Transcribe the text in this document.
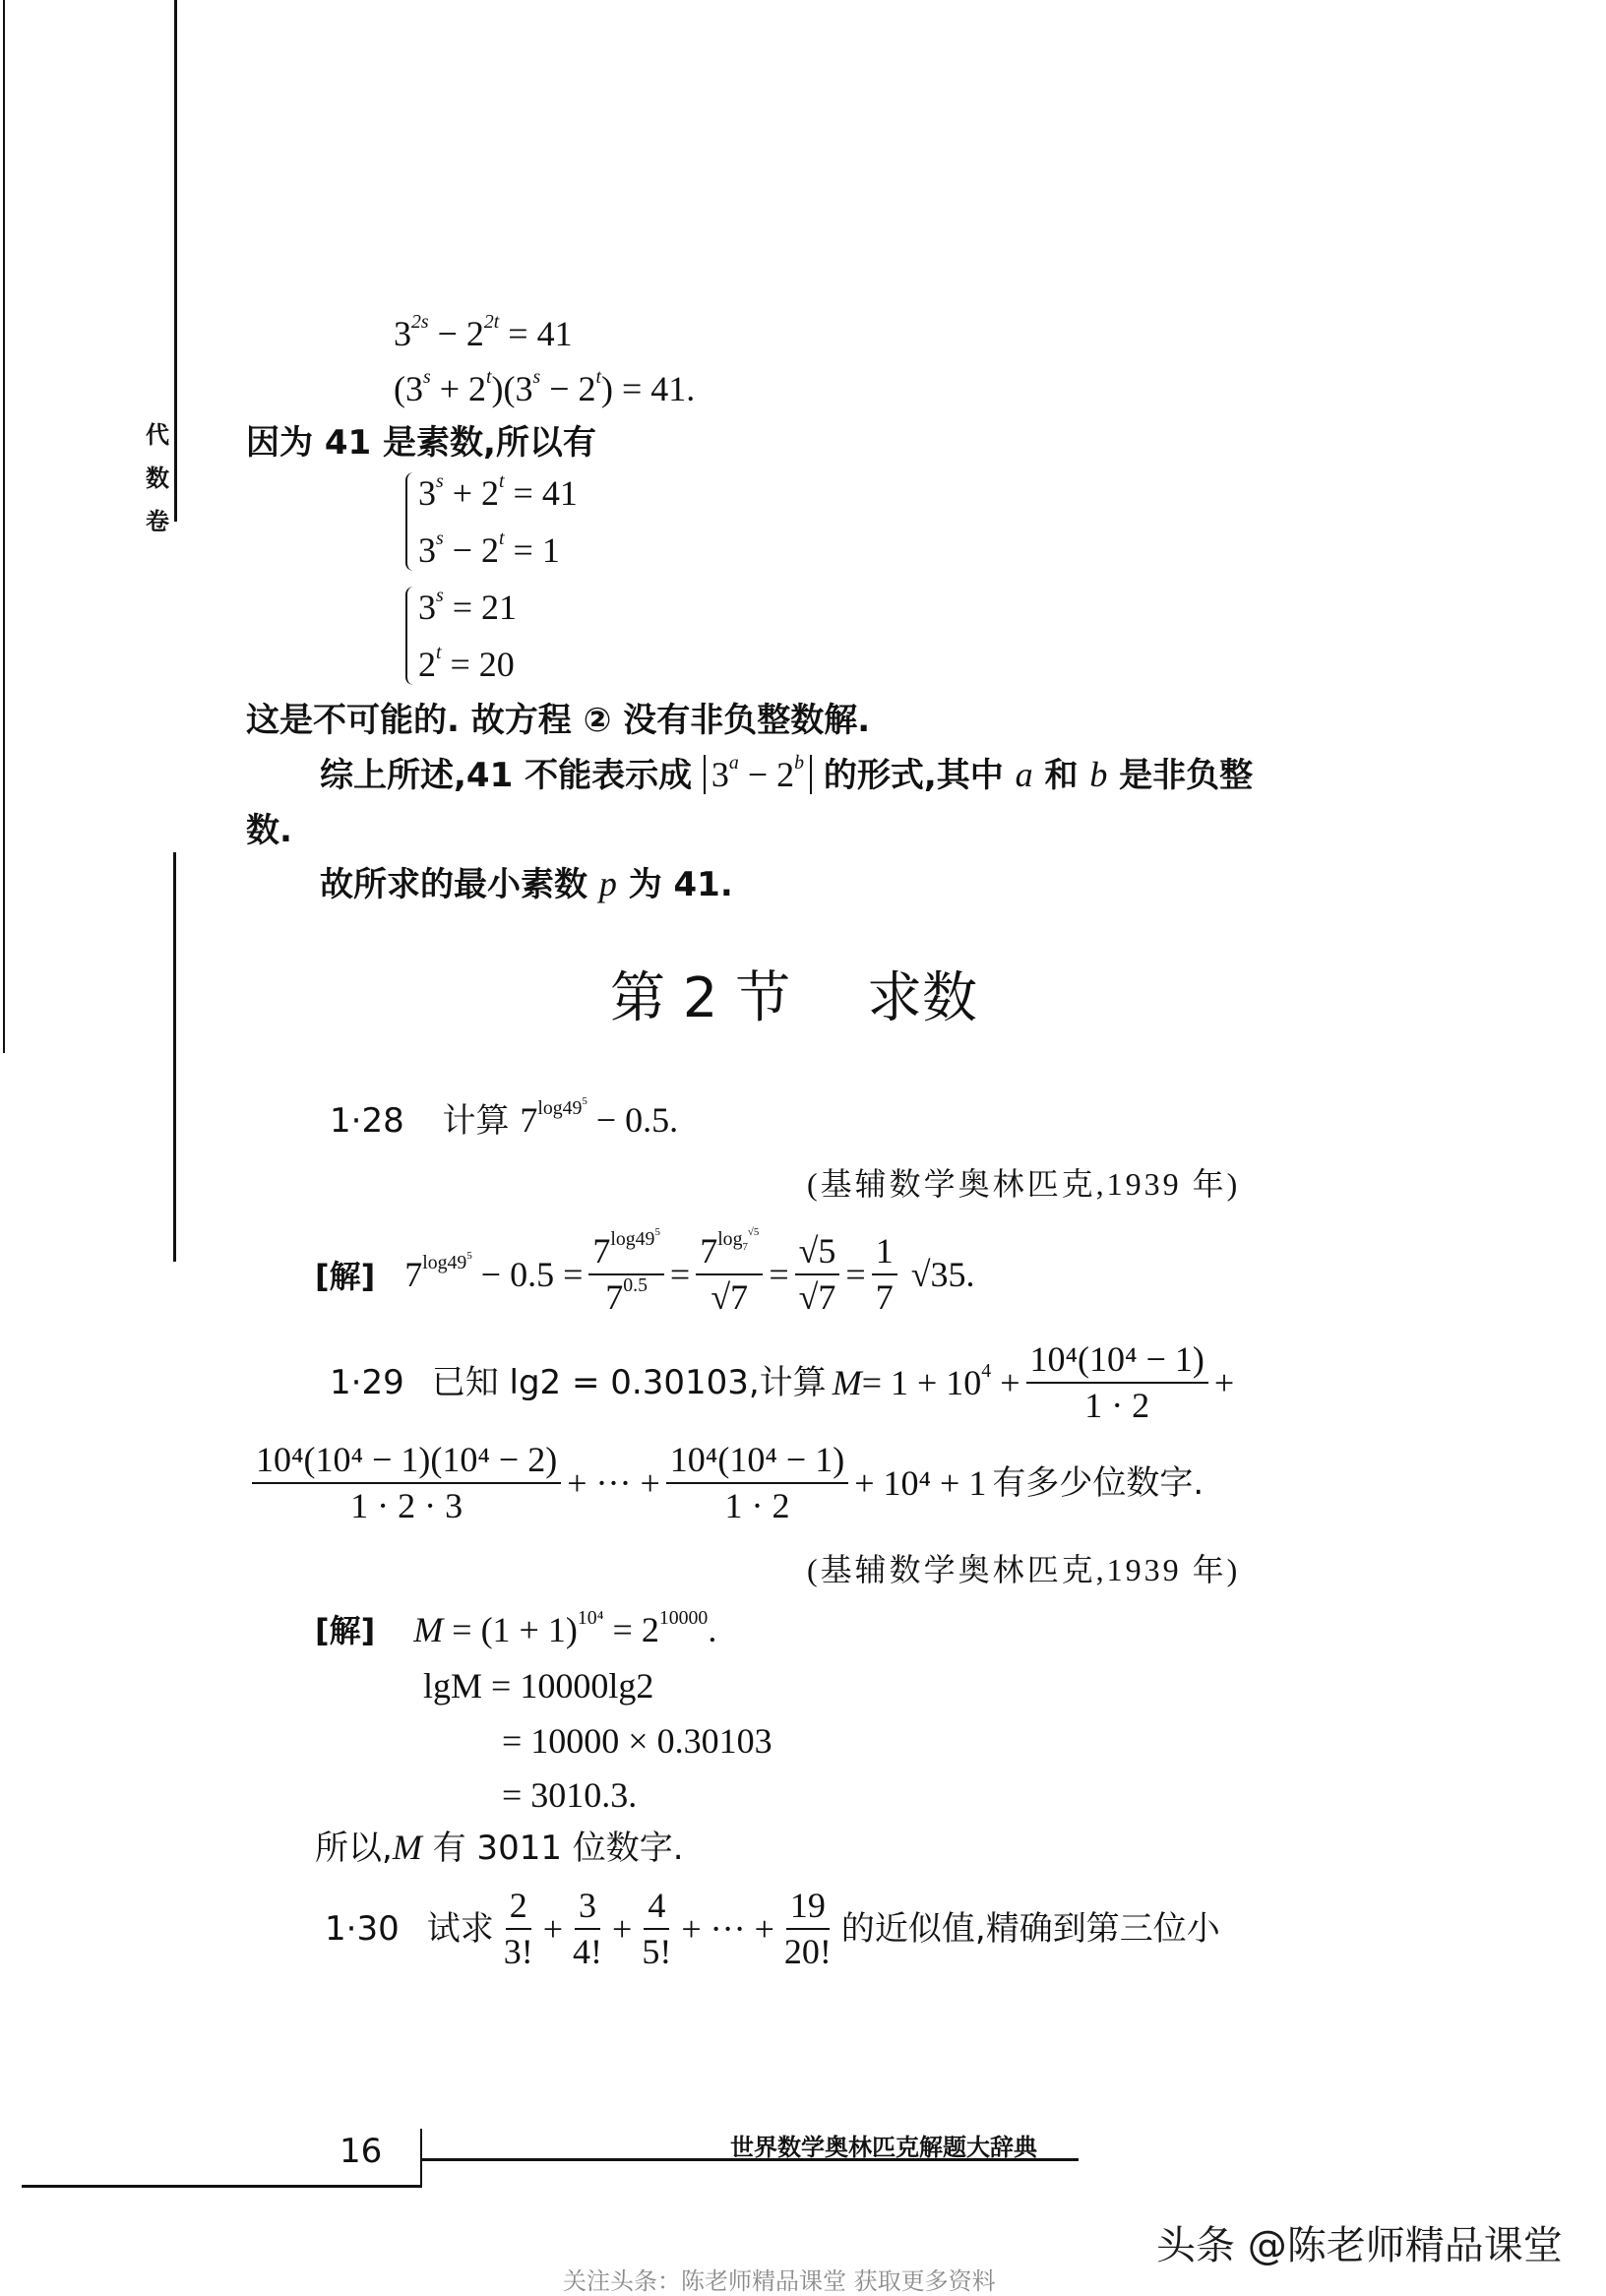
代
数
卷
$3^{2s} - 2^{2t} = 41$
$(3^s + 2^t)(3^s - 2^t) = 41$.
因为 41 是素数,所以有
$3^s + 2^t = 41$
$3^s - 2^t = 1$
$3^s = 21$
$2^t = 20$
这是不可能的. 故方程 ② 没有非负整数解.
综上所述,41 不能表示成 $3^a - 2^b$ 的形式,其中 a 和 b 是非负整
数.
故所求的最小素数 p 为 41.
第 2 节 求数
1·28 计算 $7^{log49^5} - 0.5$.
(基辅数学奥林匹克,1939 年)
[解] $7^{log49^5} - 0.5 = \frac{7^{log49^5}}{7^{0.5}} = \frac{7^{log_7^{√5}}}{√7} = \frac{√5}{√7} = \frac{1}{7} √35$.
1·29 已知 lg2 = 0.30103,计算 $M = 1 + 10^4 + \frac{\text{10⁴(10⁴ − 1)}}{1 \cdot 2}$ +
$\frac{\text{10⁴(10⁴ − 1)(10⁴ − 2)}}{1 \cdot 2 \cdot 3}$ + ··· + $\frac{\text{10⁴(10⁴ − 1)}}{1 \cdot 2} + 10^4 + 1$ 有多少位数字.
(基辅数学奥林匹克,1939 年)
[解] $M = (1 + 1)^{10^4} = 2^{10000}$.
lgM = 10000lg2
= 10000 × 0.30103
= 3010.3.
所以,M 有 3011 位数字.
1·30 试求 $\frac{2}{3!} + \frac{3}{4!} + \frac{4}{5!}$ + ··· + $\frac{19}{20!}$ 的近似值,精确到第三位小
16	世界数学奥林匹克解题大辞典
头条 @陈老师精品课堂
关注头条：陈老师精品课堂 获取更多资料
